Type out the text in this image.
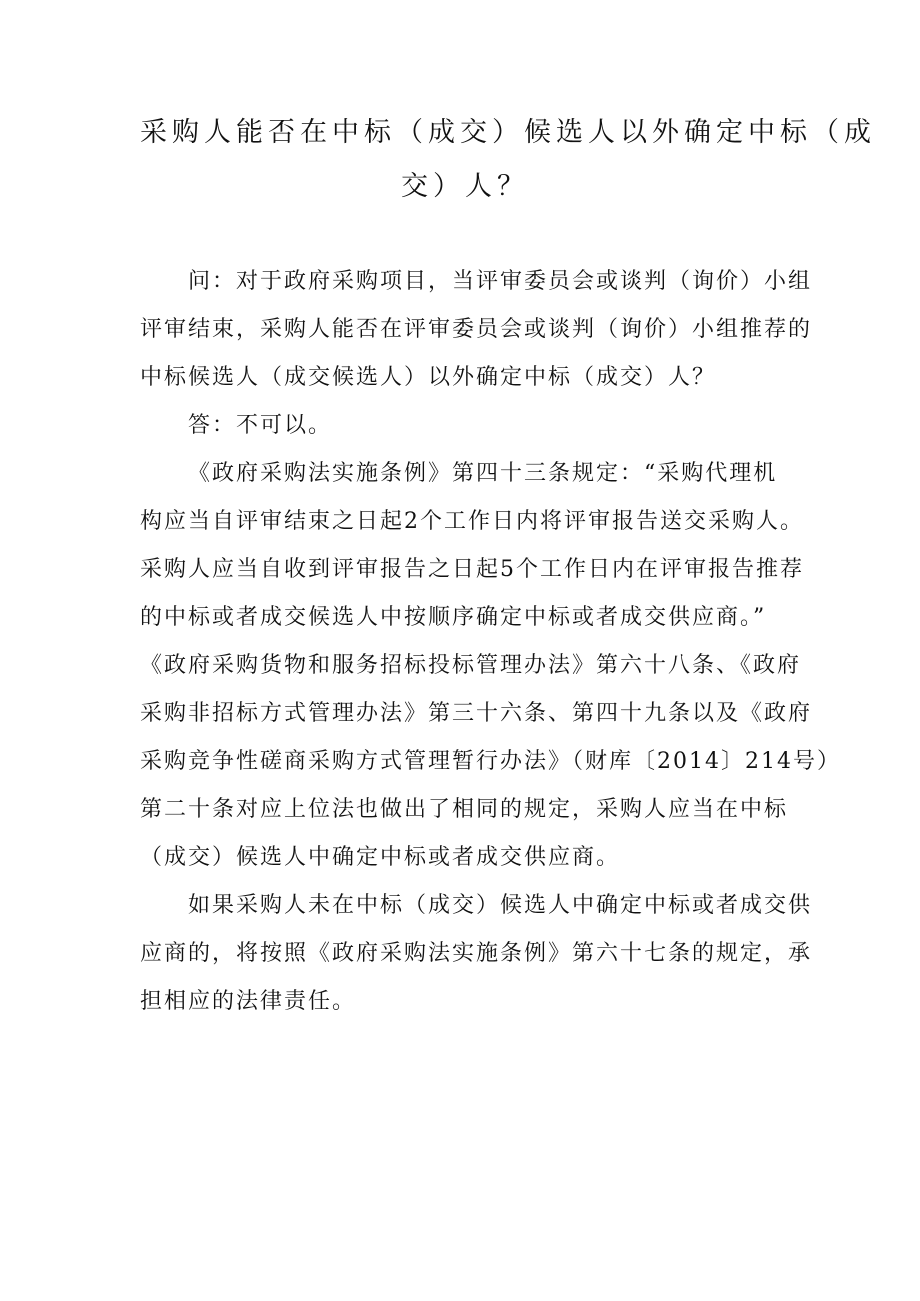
采购人能否在中标（成交）候选人以外确定中标（成
交）人？
问：对于政府采购项目，当评审委员会或谈判（询价）小组
评审结束，采购人能否在评审委员会或谈判（询价）小组推荐的
中标候选人（成交候选人）以外确定中标（成交）人？
答：不可以。
《政府采购法实施条例》第四十三条规定：“采购代理机
构应当自评审结束之日起2个工作日内将评审报告送交采购人。
采购人应当自收到评审报告之日起5个工作日内在评审报告推荐
的中标或者成交候选人中按顺序确定中标或者成交供应商。”
《政府采购货物和服务招标投标管理办法》第六十八条、《政府
采购非招标方式管理办法》第三十六条、第四十九条以及《政府
采购竞争性磋商采购方式管理暂行办法》（财库〔2014〕214号）
第二十条对应上位法也做出了相同的规定，采购人应当在中标
（成交）候选人中确定中标或者成交供应商。
如果采购人未在中标（成交）候选人中确定中标或者成交供
应商的，将按照《政府采购法实施条例》第六十七条的规定，承
担相应的法律责任。
